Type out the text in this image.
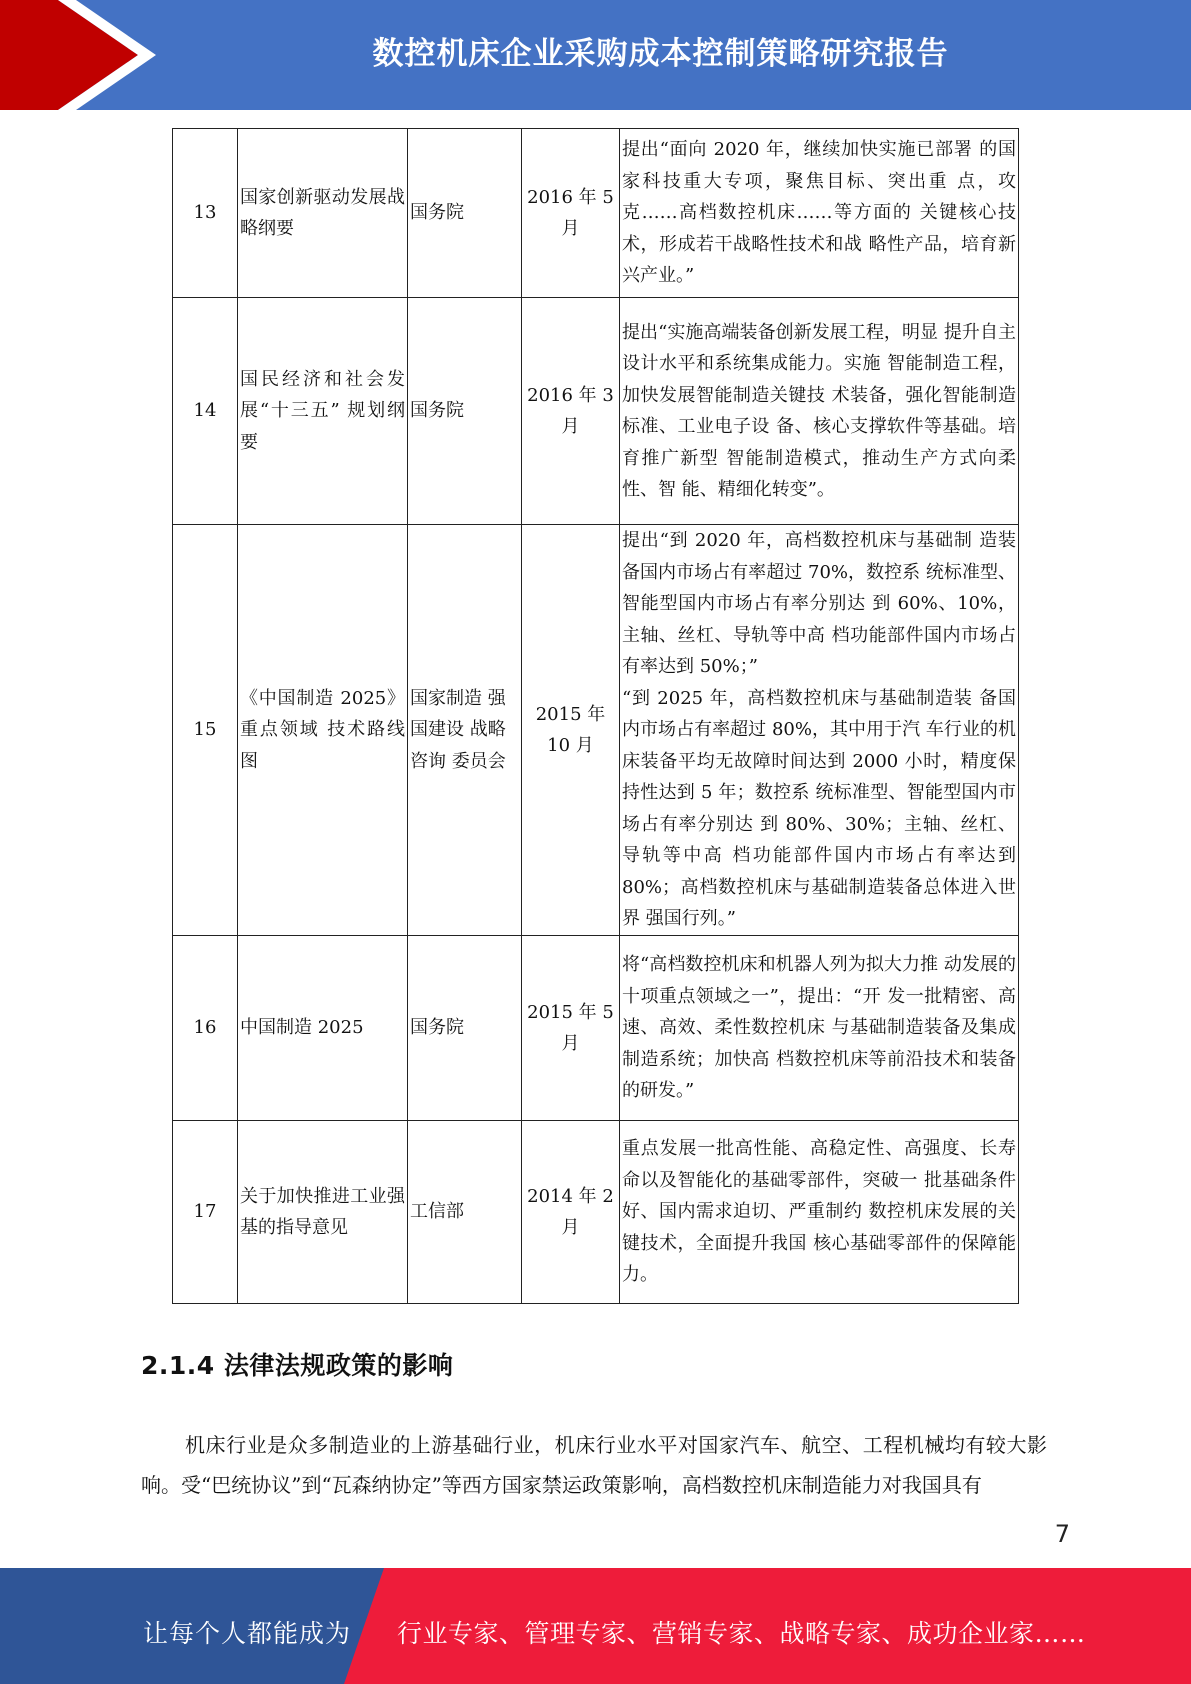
数控机床企业采购成本控制策略研究报告
13	国家创新驱动发展战略纲要	国务院	2016 年 5 月	提出“面向 2020 年，继续加快实施已部署 的国家科技重大专项，聚焦目标、突出重 点，攻克……高档数控机床……等方面的 关键核心技术，形成若干战略性技术和战 略性产品，培育新兴产业。”
14	国民经济和社会发展“十三五” 规划纲要	国务院	2016 年 3 月	提出“实施高端装备创新发展工程，明显 提升自主设计水平和系统集成能力。实施 智能制造工程，加快发展智能制造关键技 术装备，强化智能制造标准、工业电子设 备、核心支撑软件等基础。培育推广新型 智能制造模式，推动生产方式向柔性、智 能、精细化转变”。
15	《中国制造 2025》重点领域 技术路线图	国家制造 强国建设 战略咨询 委员会	2015 年 10 月	提出“到 2020 年，高档数控机床与基础制 造装备国内市场占有率超过 70%，数控系 统标准型、智能型国内市场占有率分别达 到 60%、10%，主轴、丝杠、导轨等中高 档功能部件国内市场占有率达到 50%；”
“到 2025 年，高档数控机床与基础制造装 备国内市场占有率超过 80%，其中用于汽 车行业的机床装备平均无故障时间达到 2000 小时，精度保持性达到 5 年；数控系 统标准型、智能型国内市场占有率分别达 到 80%、30%；主轴、丝杠、导轨等中高 档功能部件国内市场占有率达到 80%；高档数控机床与基础制造装备总体进入世界 强国行列。”

16	中国制造 2025	国务院	2015 年 5 月	将“高档数控机床和机器人列为拟大力推 动发展的十项重点领域之一”，提出：“开 发一批精密、高速、高效、柔性数控机床 与基础制造装备及集成制造系统；加快高 档数控机床等前沿技术和装备的研发。”
17	关于加快推进工业强基的指导意见	工信部	2014 年 2 月	重点发展一批高性能、高稳定性、高强度、长寿命以及智能化的基础零部件，突破一 批基础条件好、国内需求迫切、严重制约 数控机床发展的关键技术，全面提升我国 核心基础零部件的保障能力。
2.1.4 法律法规政策的影响
机床行业是众多制造业的上游基础行业，机床行业水平对国家汽车、航空、工程机械均有较大影响。受“巴统协议”到“瓦森纳协定”等西方国家禁运政策影响，高档数控机床制造能力对我国具有
7
让每个人都能成为 行业专家、管理专家、营销专家、战略专家、成功企业家……
